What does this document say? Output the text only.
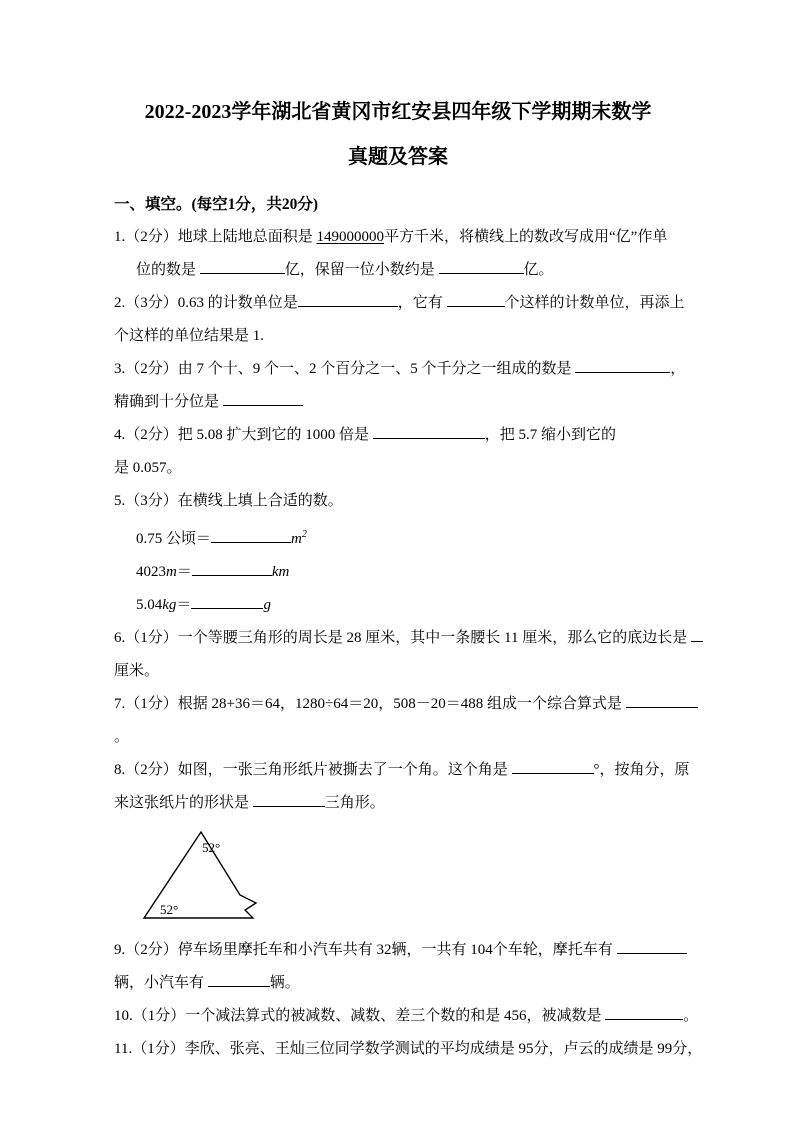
2022-2023学年湖北省黄冈市红安县四年级下学期期末数学
真题及答案
一、填空。(每空1分，共20分)
1.（2分）地球上陆地总面积是 149000000平方千米，将横线上的数改写成用“亿”作单
位的数是	亿，保留一位小数约是	亿。
2.（3分）0.63 的计数单位是	，它有	个这样的计数单位，再添上
个这样的单位结果是 1.
3.（2分）由 7 个十、9 个一、2 个百分之一、5 个千分之一组成的数是	，
精确到十分位是
4.（2分）把 5.08 扩大到它的 1000 倍是	，把 5.7 缩小到它的
是 0.057。
5.（3分）在横线上填上合适的数。
0.75 公顷＝	$m^2$
4023m＝	km
5.04kg＝	g
6.（1分）一个等腰三角形的周长是 28 厘米，其中一条腰长 11 厘米，那么它的底边长是
厘米。
7.（1分）根据 28+36＝64，1280÷64＝20，508－20＝488 组成一个综合算式是
。
8.（2分）如图，一张三角形纸片被撕去了一个角。这个角是	°，按角分，原
来这张纸片的形状是	三角形。
52°
52°
9.（2分）停车场里摩托车和小汽车共有 32辆，一共有 104个车轮，摩托车有
辆，小汽车有	辆。
10.（1分）一个减法算式的被减数、减数、差三个数的和是 456，被减数是	。
11.（1分）李欣、张亮、王灿三位同学数学测试的平均成绩是 95分，卢云的成绩是 99分，
